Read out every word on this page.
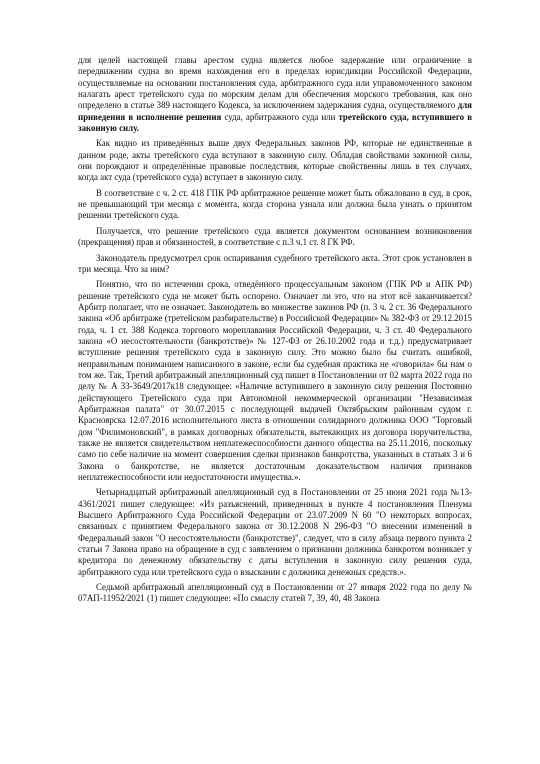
для целей настоящей главы арестом судна является любое задержание или ограничение в передвижении судна во время нахождения его в пределах юрисдикции Российской Федерации, осуществляемые на основании постановления суда, арбитражного суда или управомоченного законом налагать арест третейского суда по морским делам для обеспечения морского требования, как оно определено в статье 389 настоящего Кодекса, за исключением задержания судна, осуществляемого для приведения в исполнение решения суда, арбитражного суда или третейского суда, вступившего в законную силу.

Как видно из приведённых выше двух Федеральных законов РФ, которые не единственные в данном роде, акты третейского суда вступают в законную силу. Обладая свойствами законной силы, они порождают и определённые правовые последствия, которые свойственны лишь в тех случаях, когда акт суда (третейского суда) вступает в законную силу.

В соответствие с ч. 2 ст. 418 ГПК РФ арбитражное решение может быть обжаловано в суд, в срок, не превышающий три месяца с момента, когда сторона узнала или должна была узнать о принятом решении третейского суда.

Получается, что решение третейского суда является документом основанием возникновения (прекращения) прав и обязанностей, в соответствие с п.3 ч.1 ст. 8 ГК РФ.

Законодатель предусмотрел срок оспаривания судебного третейского акта. Этот срок установлен в три месяца. Что за ним?

Понятно, что по истечении срока, отведённого процессуальным законом (ГПК РФ и АПК РФ) решение третейского суда не может быть оспорено. Означает ли это, что на этот всё заканчивается? Арбитр полагает, что не означает. Законодатель во множестве законов РФ (п. 3 ч. 2 ст. 36 Федерального закона «Об арбитраже (третейском разбирательстве) в Российской Федерации» № 382-ФЗ от 29.12.2015 года, ч. 1 ст. 388 Кодекса торгового мореплавания Российской Федерации, ч. 3 ст. 40 Федерального закона «О несостоятельности (банкротстве)» № 127-ФЗ от 26.10.2002 года и т.д.) предусматривает вступление решения третейского суда в законную силу. Это можно было бы считать ошибкой, неправильным пониманием написанного в законе, если бы судебная практика не «говорила» бы нам о том же. Так, Третий арбитражный апелляционный суд пишет в Постановлении от 02 марта 2022 года по делу № А 33-3649/2017к18 следующее: «Наличие вступившего в законную силу решения Постоянно действующего Третейского суда при Автономной некоммерческой организации "Независимая Арбитражная палата" от 30.07.2015 с последующей выдачей Октябрьским районным судом г. Красноярска 12.07.2016 исполнительного листа в отношении солидарного должника ООО "Торговый дом "Филимоновский", в рамках договорных обязательств, вытекающих из договора поручительства, также не является свидетельством неплатежеспособности данного общества на 25.11.2016, поскольку само по себе наличие на момент совершения сделки признаков банкротства, указанных в статьях 3 и 6 Закона о банкротстве, не является достаточным доказательством наличия признаков неплатежеспособности или недостаточности имущества.».

Четырнадцатый арбитражный апелляционный суд в Постановлении от 25 июня 2021 года №13-4361/2021 пишет следующее: «Из разъяснений, приведенных в пункте 4 постановления Пленума Высшего Арбитражного Суда Российской Федерации от 23.07.2009 N 60 "О некоторых вопросах, связанных с принятием Федерального закона от 30.12.2008 N 296-ФЗ "О внесении изменений в Федеральный закон "О несостоятельности (банкротстве)", следует, что в силу абзаца первого пункта 2 статьи 7 Закона право на обращение в суд с заявлением о признании должника банкротом возникает у кредитора по денежному обязательству с даты вступления в законную силу решения суда, арбитражного суда или третейского суда о взыскании с должника денежных средств.».

Седьмой арбитражный апелляционный суд в Постановлении от 27 января 2022 года по делу № 07АП-11952/2021 (1) пишет следующее: «По смыслу статей 7, 39, 40, 48 Закона
